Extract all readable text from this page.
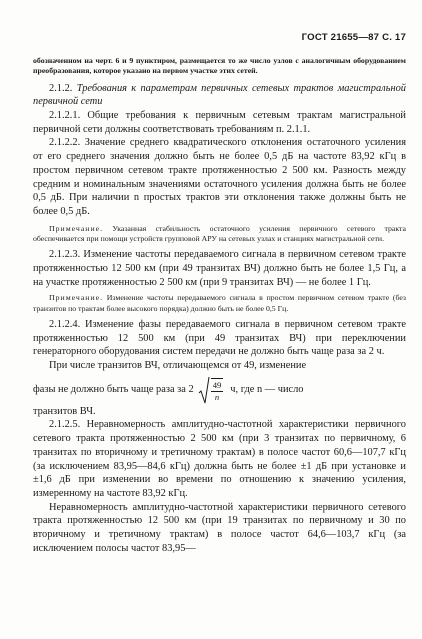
ГОСТ 21655—87 С. 17

обозначенном на черт. 6 и 9 пунктиром, размещается то же число узлов с аналогичным оборудованием преобразования, которое указано на первом участке этих сетей.

2.1.2. Требования к параметрам первичных сетевых трактов магистральной первичной сети

2.1.2.1. Общие требования к первичным сетевым трактам магистральной первичной сети должны соответствовать требованиям п. 2.1.1.

2.1.2.2. Значение среднего квадратического отклонения остаточного усиления от его среднего значения должно быть не более 0,5 дБ на частоте 83,92 кГц в простом первичном сетевом тракте протяженностью 2 500 км. Разность между средним и номинальным значениями остаточного усиления должна быть не более 0,5 дБ. При наличии n простых трактов эти отклонения также должны быть не более 0,5 дБ.

Примечание. Указанная стабильность остаточного усиления первичного сетевого тракта обеспечивается при помощи устройств групповой АРУ на сетевых узлах и станциях магистральной сети.

2.1.2.3. Изменение частоты передаваемого сигнала в первичном сетевом тракте протяженностью 12 500 км (при 49 транзитах ВЧ) должно быть не более 1,5 Гц, а на участке протяженностью 2 500 км (при 9 транзитах ВЧ) — не более 1 Гц.

Примечание. Изменение частоты передаваемого сигнала в простом первичном сетевом тракте (без транзитов по трактам более высокого порядка) должно быть не более 0,5 Гц.

2.1.2.4. Изменение фазы передаваемого сигнала в первичном сетевом тракте протяженностью 12 500 км (при 49 транзитах ВЧ) при переключении генераторного оборудования систем передачи не должно быть чаще раза за 2 ч.

При числе транзитов ВЧ, отличающемся от 49, изменение

фазы не должно быть чаще раза за $2 \frac{49}{n} ч$, где n — число

транзитов ВЧ.

2.1.2.5. Неравномерность амплитудно-частотной характеристики первичного сетевого тракта протяженностью 2 500 км (при 3 транзитах по первичному, 6 транзитах по вторичному и третичному трактам) в полосе частот 60,6—107,7 кГц (за исключением 83,95—84,6 кГц) должна быть не более ±1 дБ при установке и ±1,6 дБ при изменении во времени по отношению к значению усиления, измеренному на частоте 83,92 кГц.

Неравномерность амплитудно-частотной характеристики первичного сетевого тракта протяженностью 12 500 км (при 19 транзитах по первичному и 30 по вторичному и третичному трактам) в полосе частот 64,6—103,7 кГц (за исключением полосы частот 83,95—
